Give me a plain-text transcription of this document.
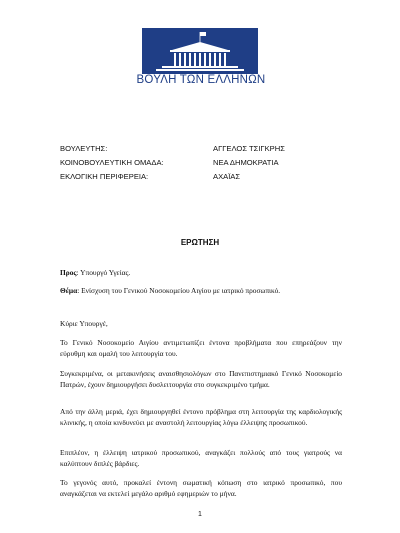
ΒΟΥΛΗ ΤΩΝ ΕΛΛΗΝΩΝ
ΒΟΥΛΕΥΤΗΣ:	ΑΓΓΕΛΟΣ ΤΣΙΓΚΡΗΣ
ΚΟΙΝΟΒΟΥΛΕΥΤΙΚΗ ΟΜΑΔΑ:	ΝΕΑ ΔΗΜΟΚΡΑΤΙΑ
ΕΚΛΟΓΙΚΗ ΠΕΡΙΦΕΡΕΙΑ:	ΑΧΑΪΑΣ
ΕΡΩΤΗΣΗ
Προς: Υπουργό Υγείας.
Θέμα: Ενίσχυση του Γενικού Νοσοκομείου Αιγίου με ιατρικό προσωπικό.
Κύριε Υπουργέ,
Το Γενικό Νοσοκομείο Αιγίου αντιμετωπίζει έντονα προβλήματα που επηρεάζουν την εύρυθμη και ομαλή του λειτουργία του.
Συγκεκριμένα, οι μετακινήσεις αναισθησιολόγων στο Πανεπιστημιακό Γενικό Νοσοκομείο Πατρών, έχουν δημιουργήσει δυσλειτουργία στο συγκεκριμένο τμήμα.
Από την άλλη μεριά, έχει δημιουργηθεί έντονο πρόβλημα στη λειτουργία της καρδιολογικής κλινικής, η οποία κινδυνεύει με αναστολή λειτουργίας λόγω έλλειψης προσωπικού.
Επιπλέον, η έλλειψη ιατρικού προσωπικού, αναγκάζει πολλούς από τους γιατρούς να καλύπτουν διπλές βάρδιες.
Το γεγονός αυτό, προκαλεί έντονη σωματική κόπωση στο ιατρικό προσωπικό, που αναγκάζεται να εκτελεί μεγάλο αριθμό εφημεριών το μήνα.
1
